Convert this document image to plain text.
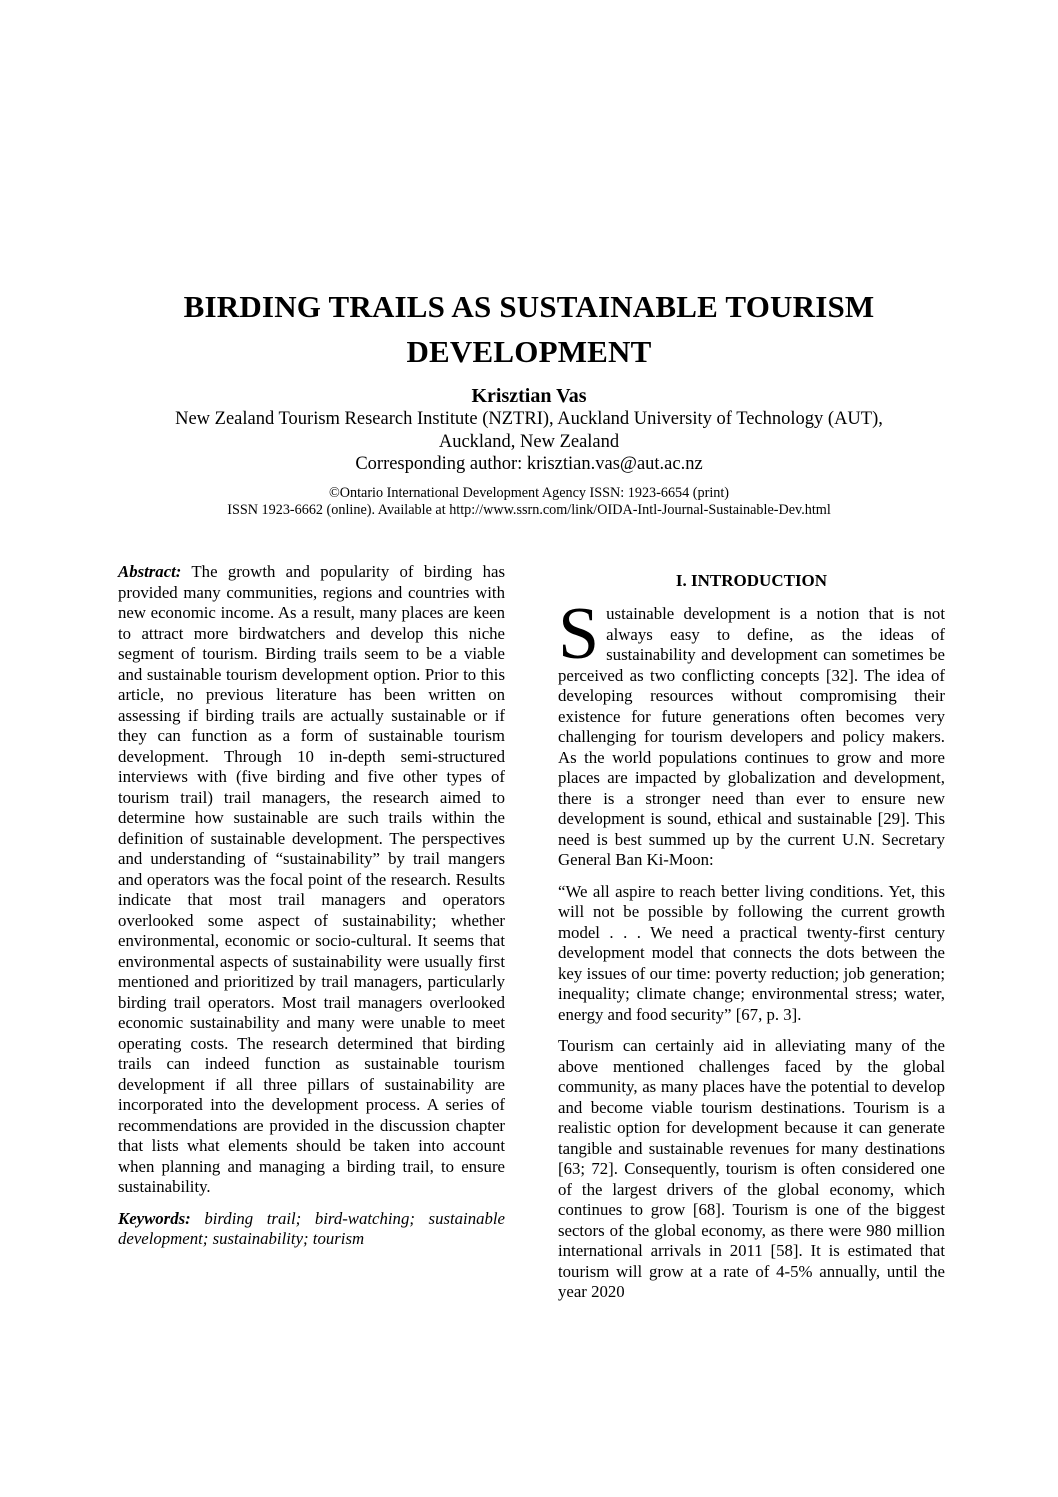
BIRDING TRAILS AS SUSTAINABLE TOURISM DEVELOPMENT
Krisztian Vas
New Zealand Tourism Research Institute (NZTRI), Auckland University of Technology (AUT),
Auckland, New Zealand
Corresponding author: krisztian.vas@aut.ac.nz
©Ontario International Development Agency ISSN: 1923-6654 (print)
ISSN 1923-6662 (online). Available at http://www.ssrn.com/link/OIDA-Intl-Journal-Sustainable-Dev.html

Abstract: The growth and popularity of birding has provided many communities, regions and countries with new economic income. As a result, many places are keen to attract more birdwatchers and develop this niche segment of tourism. Birding trails seem to be a viable and sustainable tourism development option. Prior to this article, no previous literature has been written on assessing if birding trails are actually sustainable or if they can function as a form of sustainable tourism development. Through 10 in-depth semi-structured interviews with (five birding and five other types of tourism trail) trail managers, the research aimed to determine how sustainable are such trails within the definition of sustainable development. The perspectives and understanding of “sustainability” by trail mangers and operators was the focal point of the research. Results indicate that most trail managers and operators overlooked some aspect of sustainability; whether environmental, economic or socio-cultural. It seems that environmental aspects of sustainability were usually first mentioned and prioritized by trail managers, particularly birding trail operators. Most trail managers overlooked economic sustainability and many were unable to meet operating costs. The research determined that birding trails can indeed function as sustainable tourism development if all three pillars of sustainability are incorporated into the development process. A series of recommendations are provided in the discussion chapter that lists what elements should be taken into account when planning and managing a birding trail, to ensure sustainability.

Keywords: birding trail; bird-watching; sustainable development; sustainability; tourism

I. INTRODUCTION

Sustainable development is a notion that is not always easy to define, as the ideas of sustainability and development can sometimes be perceived as two conflicting concepts [32]. The idea of developing resources without compromising their existence for future generations often becomes very challenging for tourism developers and policy makers. As the world populations continues to grow and more places are impacted by globalization and development, there is a stronger need than ever to ensure new development is sound, ethical and sustainable [29]. This need is best summed up by the current U.N. Secretary General Ban Ki-Moon:

“We all aspire to reach better living conditions. Yet, this will not be possible by following the current growth model . . . We need a practical twenty-first century development model that connects the dots between the key issues of our time: poverty reduction; job generation; inequality; climate change; environmental stress; water, energy and food security” [67, p. 3].

Tourism can certainly aid in alleviating many of the above mentioned challenges faced by the global community, as many places have the potential to develop and become viable tourism destinations. Tourism is a realistic option for development because it can generate tangible and sustainable revenues for many destinations [63; 72]. Consequently, tourism is often considered one of the largest drivers of the global economy, which continues to grow [68]. Tourism is one of the biggest sectors of the global economy, as there were 980 million international arrivals in 2011 [58]. It is estimated that tourism will grow at a rate of 4-5% annually, until the year 2020
